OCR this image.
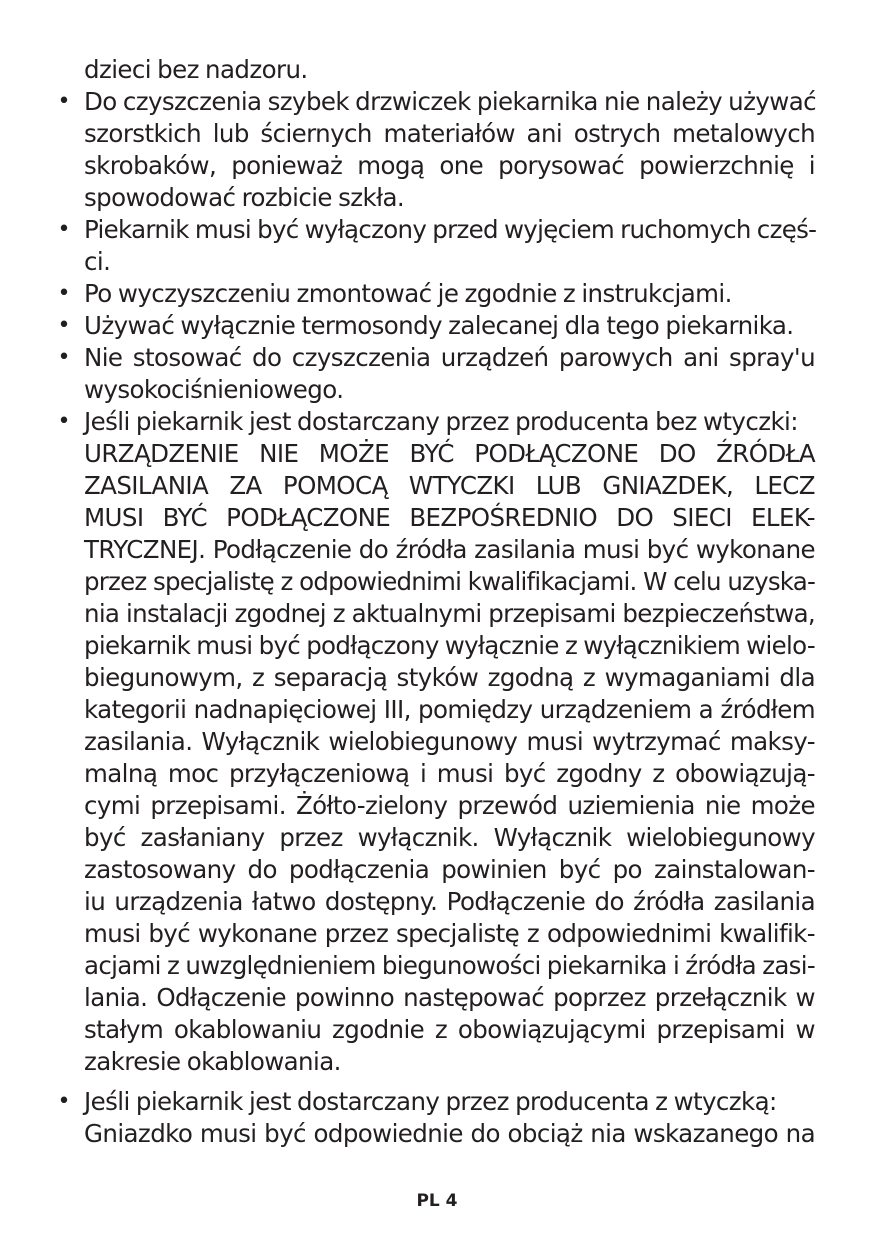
•
•
•
•
•
•
•
dzieci bez nadzoru.
Do czyszczenia szybek drzwiczek piekarnika nie należy używać
szorstkich lub ściernych materiałów ani ostrych metalowych
skrobaków, ponieważ mogą one porysować powierzchnię i
spowodować rozbicie szkła.
Piekarnik musi być wyłączony przed wyjęciem ruchomych częś-
ci.
Po wyczyszczeniu zmontować je zgodnie z instrukcjami.
Używać wyłącznie termosondy zalecanej dla tego piekarnika.
Nie stosować do czyszczenia urządzeń parowych ani spray'u
wysokociśnieniowego.
Jeśli piekarnik jest dostarczany przez producenta bez wtyczki:
URZĄDZENIE NIE MOŻE BYĆ PODŁĄCZONE DO ŹRÓDŁA
ZASILANIA ZA POMOCĄ WTYCZKI LUB GNIAZDEK, LECZ
MUSI BYĆ PODŁĄCZONE BEZPOŚREDNIO DO SIECI ELEK-
TRYCZNEJ. Podłączenie do źródła zasilania musi być wykonane
przez specjalistę z odpowiednimi kwalifikacjami. W celu uzyska-
nia instalacji zgodnej z aktualnymi przepisami bezpieczeństwa,
piekarnik musi być podłączony wyłącznie z wyłącznikiem wielo-
biegunowym, z separacją styków zgodną z wymaganiami dla
kategorii nadnapięciowej III, pomiędzy urządzeniem a źródłem
zasilania. Wyłącznik wielobiegunowy musi wytrzymać maksy-
malną moc przyłączeniową i musi być zgodny z obowiązują-
cymi przepisami. Żółto-zielony przewód uziemienia nie może
być zasłaniany przez wyłącznik. Wyłącznik wielobiegunowy
zastosowany do podłączenia powinien być po zainstalowan-
iu urządzenia łatwo dostępny. Podłączenie do źródła zasilania
musi być wykonane przez specjalistę z odpowiednimi kwalifik-
acjami z uwzględnieniem biegunowości piekarnika i źródła zasi-
lania. Odłączenie powinno następować poprzez przełącznik w
stałym okablowaniu zgodnie z obowiązującymi przepisami w
zakresie okablowania.
Jeśli piekarnik jest dostarczany przez producenta z wtyczką:
Gniazdko musi być odpowiednie do obciąż nia wskazanego na
PL 4
